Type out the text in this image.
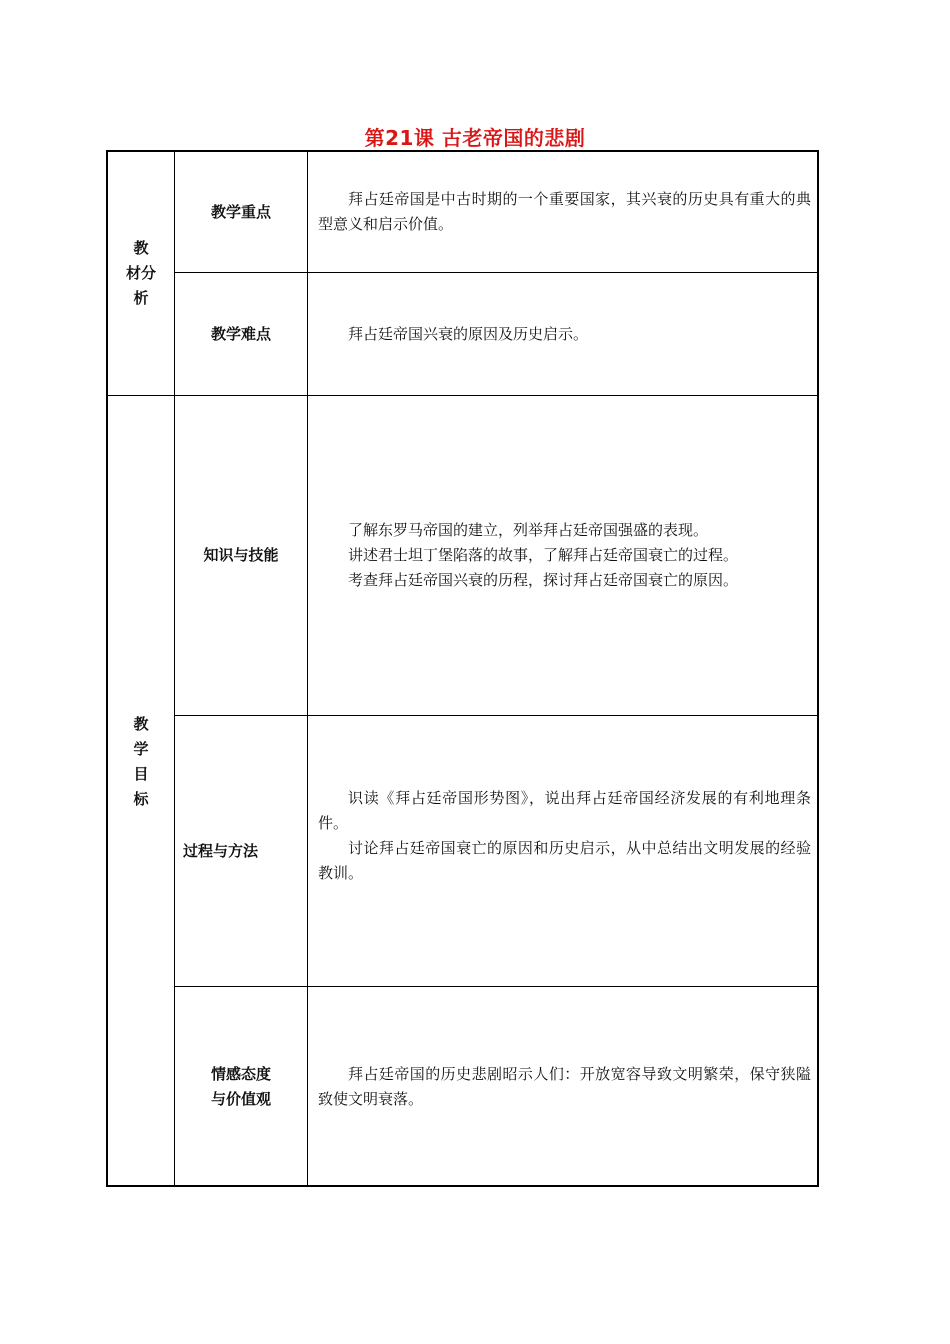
第21课 古老帝国的悲剧
教
材分
析
教学重点

拜占廷帝国是中古时期的一个重要国家，其兴衰的历史具有重大的典型意义和启示价值。

教学难点	拜占廷帝国兴衰的原因及历史启示。

教
学
目
标
知识与技能

了解东罗马帝国的建立，列举拜占廷帝国强盛的表现。

讲述君士坦丁堡陷落的故事，了解拜占廷帝国衰亡的过程。

考查拜占廷帝国兴衰的历程，探讨拜占廷帝国衰亡的原因。

过程与方法

识读《拜占廷帝国形势图》，说出拜占廷帝国经济发展的有利地理条件。

讨论拜占廷帝国衰亡的原因和历史启示，从中总结出文明发展的经验教训。

情感态度
与价值观

拜占廷帝国的历史悲剧昭示人们：开放宽容导致文明繁荣，保守狭隘致使文明衰落。
